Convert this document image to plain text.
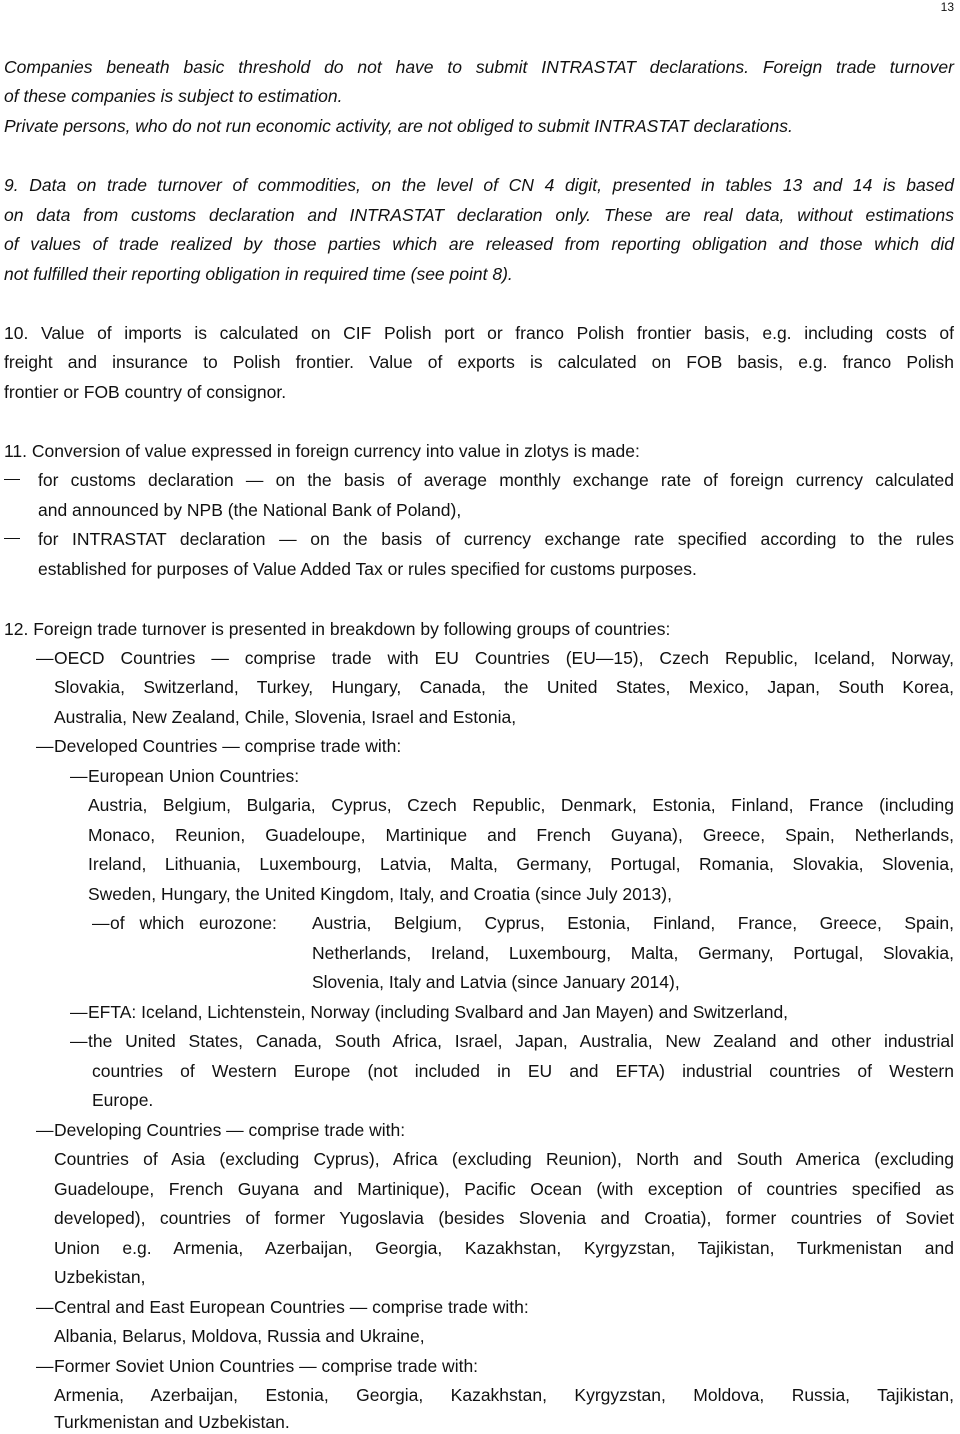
13
Companies beneath basic threshold do not have to submit INTRASTAT declarations. Foreign trade turnover
of these companies is subject to estimation.
Private persons, who do not run economic activity, are not obliged to submit INTRASTAT declarations.
9. Data on trade turnover of commodities, on the level of CN 4 digit, presented in tables 13 and 14 is based
on data from customs declaration and INTRASTAT declaration only. These are real data, without estimations
of values of trade realized by those parties which are released from reporting obligation and those which did
not fulfilled their reporting obligation in required time (see point 8).
10. Value of imports is calculated on CIF Polish port or franco Polish frontier basis, e.g. including costs of
freight and insurance to Polish frontier. Value of exports is calculated on FOB basis, e.g. franco Polish
frontier or FOB country of consignor.
11. Conversion of value expressed in foreign currency into value in zlotys is made:
for customs declaration — on the basis of average monthly exchange rate of foreign currency calculated
and announced by NPB (the National Bank of Poland),
for INTRASTAT declaration — on the basis of currency exchange rate specified according to the rules
established for purposes of Value Added Tax or rules specified for customs purposes.
12. Foreign trade turnover is presented in breakdown by following groups of countries:
— OECD Countries — comprise trade with EU Countries (EU—15), Czech Republic, Iceland, Norway,
Slovakia, Switzerland, Turkey, Hungary, Canada, the United States, Mexico, Japan, South Korea,
Australia, New Zealand, Chile, Slovenia, Israel and Estonia,
— Developed Countries — comprise trade with:
— European Union Countries:
Austria, Belgium, Bulgaria, Cyprus, Czech Republic, Denmark, Estonia, Finland, France (including
Monaco, Reunion, Guadeloupe, Martinique and French Guyana), Greece, Spain, Netherlands,
Ireland, Lithuania, Luxembourg, Latvia, Malta, Germany, Portugal, Romania, Slovakia, Slovenia,
Sweden, Hungary, the United Kingdom, Italy, and Croatia (since July 2013),
— of which eurozone:	Austria, Belgium, Cyprus, Estonia, Finland, France, Greece, Spain,
Netherlands, Ireland, Luxembourg, Malta, Germany, Portugal, Slovakia,
Slovenia, Italy and Latvia (since January 2014),
— EFTA: Iceland, Lichtenstein, Norway (including Svalbard and Jan Mayen) and Switzerland,
— the United States, Canada, South Africa, Israel, Japan, Australia, New Zealand and other industrial
countries of Western Europe (not included in EU and EFTA) industrial countries of Western
Europe.
— Developing Countries — comprise trade with:
Countries of Asia (excluding Cyprus), Africa (excluding Reunion), North and South America (excluding
Guadeloupe, French Guyana and Martinique), Pacific Ocean (with exception of countries specified as
developed), countries of former Yugoslavia (besides Slovenia and Croatia), former countries of Soviet
Union e.g. Armenia, Azerbaijan, Georgia, Kazakhstan, Kyrgyzstan, Tajikistan, Turkmenistan and
Uzbekistan,
— Central and East European Countries — comprise trade with:
Albania, Belarus, Moldova, Russia and Ukraine,
— Former Soviet Union Countries — comprise trade with:
Armenia, Azerbaijan, Estonia, Georgia, Kazakhstan, Kyrgyzstan, Moldova, Russia, Tajikistan,
Turkmenistan and Uzbekistan.
